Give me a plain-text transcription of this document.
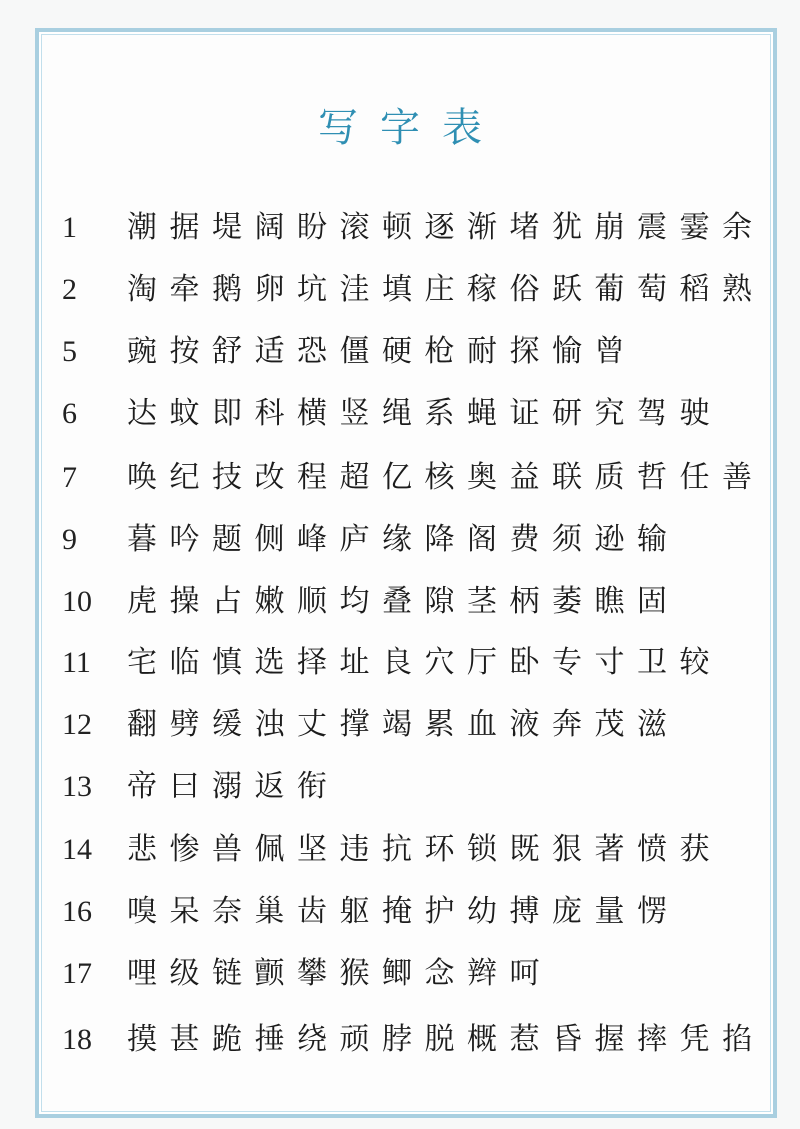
写字表
1	潮 据 堤 阔 盼 滚 顿 逐 渐 堵 犹 崩 震 霎 余
2	淘 牵 鹅 卵 坑 洼 填 庄 稼 俗 跃 葡 萄 稻 熟
5	豌 按 舒 适 恐 僵 硬 枪 耐 探 愉 曾
6	达 蚊 即 科 横 竖 绳 系 蝇 证 研 究 驾 驶
7	唤 纪 技 改 程 超 亿 核 奥 益 联 质 哲 任 善
9	暮 吟 题 侧 峰 庐 缘 降 阁 费 须 逊 输
10	虎 操 占 嫩 顺 均 叠 隙 茎 柄 萎 瞧 固
11	宅 临 慎 选 择 址 良 穴 厅 卧 专 寸 卫 较
12	翻 劈 缓 浊 丈 撑 竭 累 血 液 奔 茂 滋
13	帝 曰 溺 返 衔
14	悲 惨 兽 佩 坚 违 抗 环 锁 既 狠 著 愤 获
16	嗅 呆 奈 巢 齿 躯 掩 护 幼 搏 庞 量 愣
17	哩 级 链 颤 攀 猴 鲫 念 辫 呵
18	摸 甚 跪 捶 绕 顽 脖 脱 概 惹 昏 握 摔 凭 掐
